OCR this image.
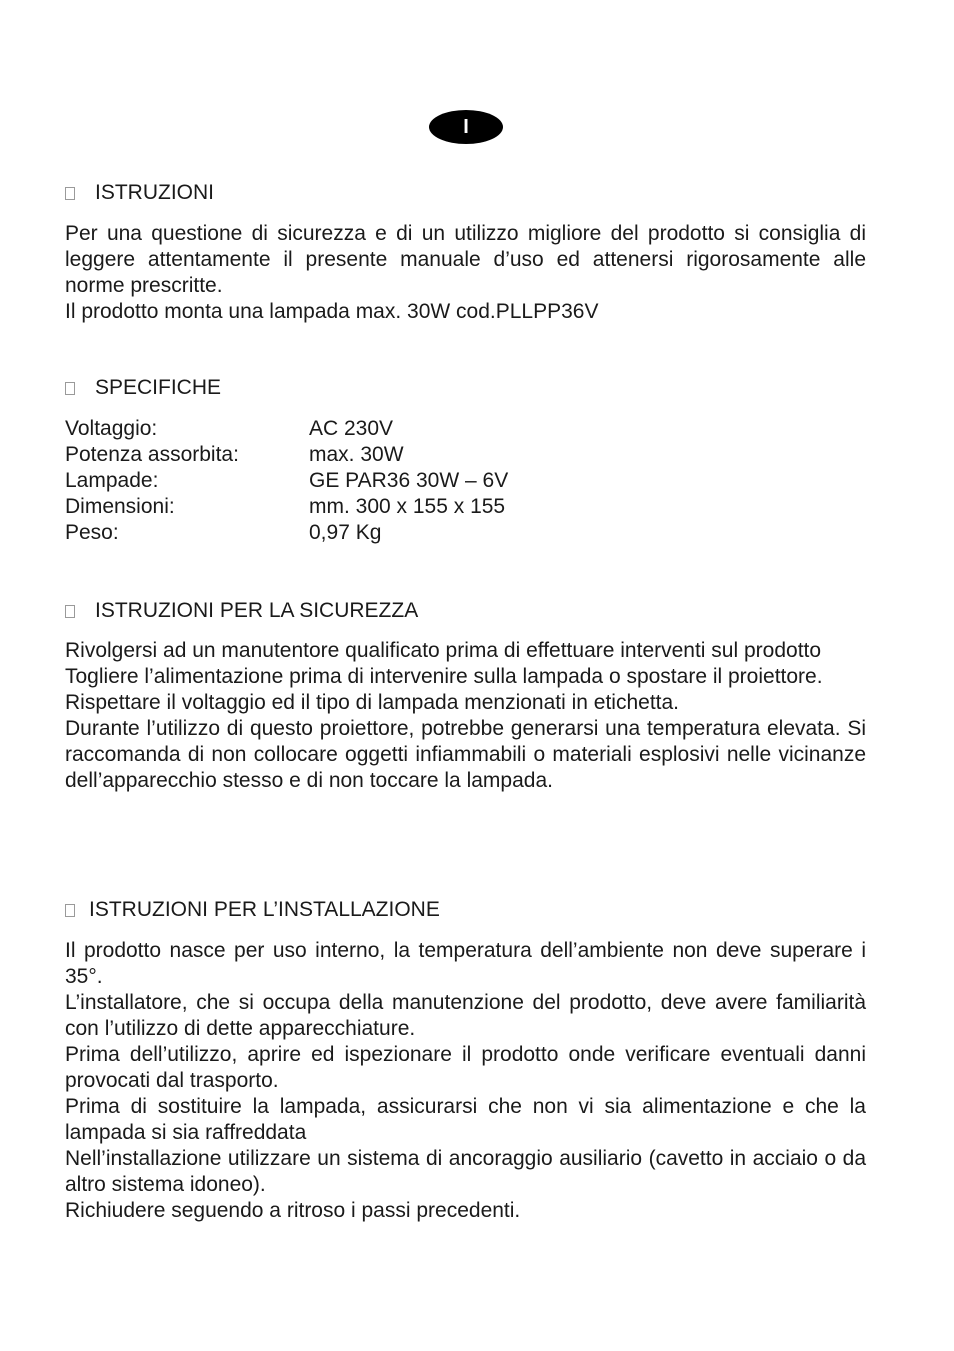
I
ISTRUZIONI

Per una questione di sicurezza e di un utilizzo migliore del prodotto si consiglia di leggere attentamente il presente manuale d’uso ed attenersi rigorosamente alle norme prescritte.

Il prodotto monta una lampada max. 30W cod.PLLPP36V

SPECIFICHE
Voltaggio:	AC 230V
Potenza assorbita:	max. 30W
Lampade:	GE PAR36 30W – 6V
Dimensioni:	mm. 300 x 155 x 155
Peso:	0,97 Kg
ISTRUZIONI PER LA SICUREZZA

Rivolgersi ad un manutentore qualificato prima di effettuare interventi sul prodotto

Togliere l’alimentazione prima di intervenire sulla lampada o spostare il proiettore.

Rispettare il voltaggio ed il tipo di lampada menzionati in etichetta.

Durante l’utilizzo di questo proiettore, potrebbe generarsi una temperatura elevata. Si raccomanda di non collocare oggetti infiammabili o materiali esplosivi nelle vicinanze dell’apparecchio stesso e di non toccare la lampada.

ISTRUZIONI PER L’INSTALLAZIONE

Il prodotto nasce per uso interno, la temperatura dell’ambiente non deve superare i 35°.

L’installatore, che si occupa della manutenzione del prodotto, deve avere familiarità con l’utilizzo di dette apparecchiature.

Prima dell’utilizzo, aprire ed ispezionare il prodotto onde verificare eventuali danni provocati dal trasporto.

Prima di sostituire la lampada, assicurarsi che non vi sia alimentazione e che la lampada si sia raffreddata

Nell’installazione utilizzare un sistema di ancoraggio ausiliario (cavetto in acciaio o da altro sistema idoneo).

Richiudere seguendo a ritroso i passi precedenti.
